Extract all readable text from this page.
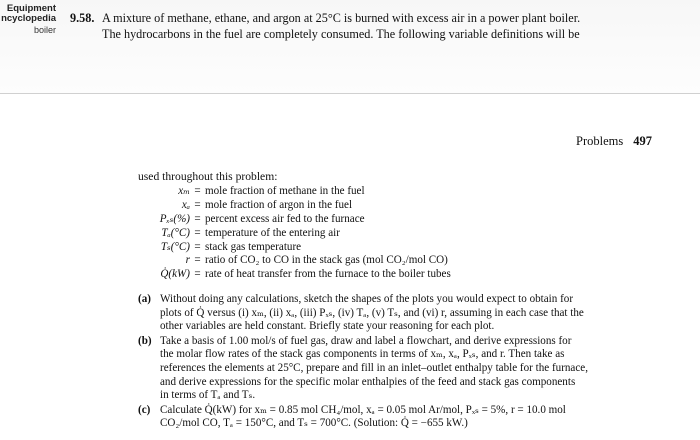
Equipment
ncyclopedia
boiler
9.58. A mixture of methane, ethane, and argon at 25°C is burned with excess air in a power plant boiler.
The hydrocarbons in the fuel are completely consumed. The following variable definitions will be
Problems 497
used throughout this problem:
xₘ = mole fraction of methane in the fuel
xₐ = mole fraction of argon in the fuel
Pₓₛ(%) = percent excess air fed to the furnace
Tₐ(°C) = temperature of the entering air
Tₛ(°C) = stack gas temperature
r = ratio of CO₂ to CO in the stack gas (mol CO₂/mol CO)
Q̇(kW) = rate of heat transfer from the furnace to the boiler tubes
(a) Without doing any calculations, sketch the shapes of the plots you would expect to obtain for
plots of Q̇ versus (i) xₘ, (ii) xₐ, (iii) Pₓₛ, (iv) Tₐ, (v) Tₛ, and (vi) r, assuming in each case that the
other variables are held constant. Briefly state your reasoning for each plot.
(b) Take a basis of 1.00 mol/s of fuel gas, draw and label a flowchart, and derive expressions for
the molar flow rates of the stack gas components in terms of xₘ, xₐ, Pₓₛ, and r. Then take as
references the elements at 25°C, prepare and fill in an inlet–outlet enthalpy table for the furnace,
and derive expressions for the specific molar enthalpies of the feed and stack gas components
in terms of Tₐ and Tₛ.
(c) Calculate Q̇(kW) for xₘ = 0.85 mol CH₄/mol, xₐ = 0.05 mol Ar/mol, Pₓₛ = 5%, r = 10.0 mol
CO₂/mol CO, Tₐ = 150°C, and Tₛ = 700°C. (Solution: Q̇ = −655 kW.)
